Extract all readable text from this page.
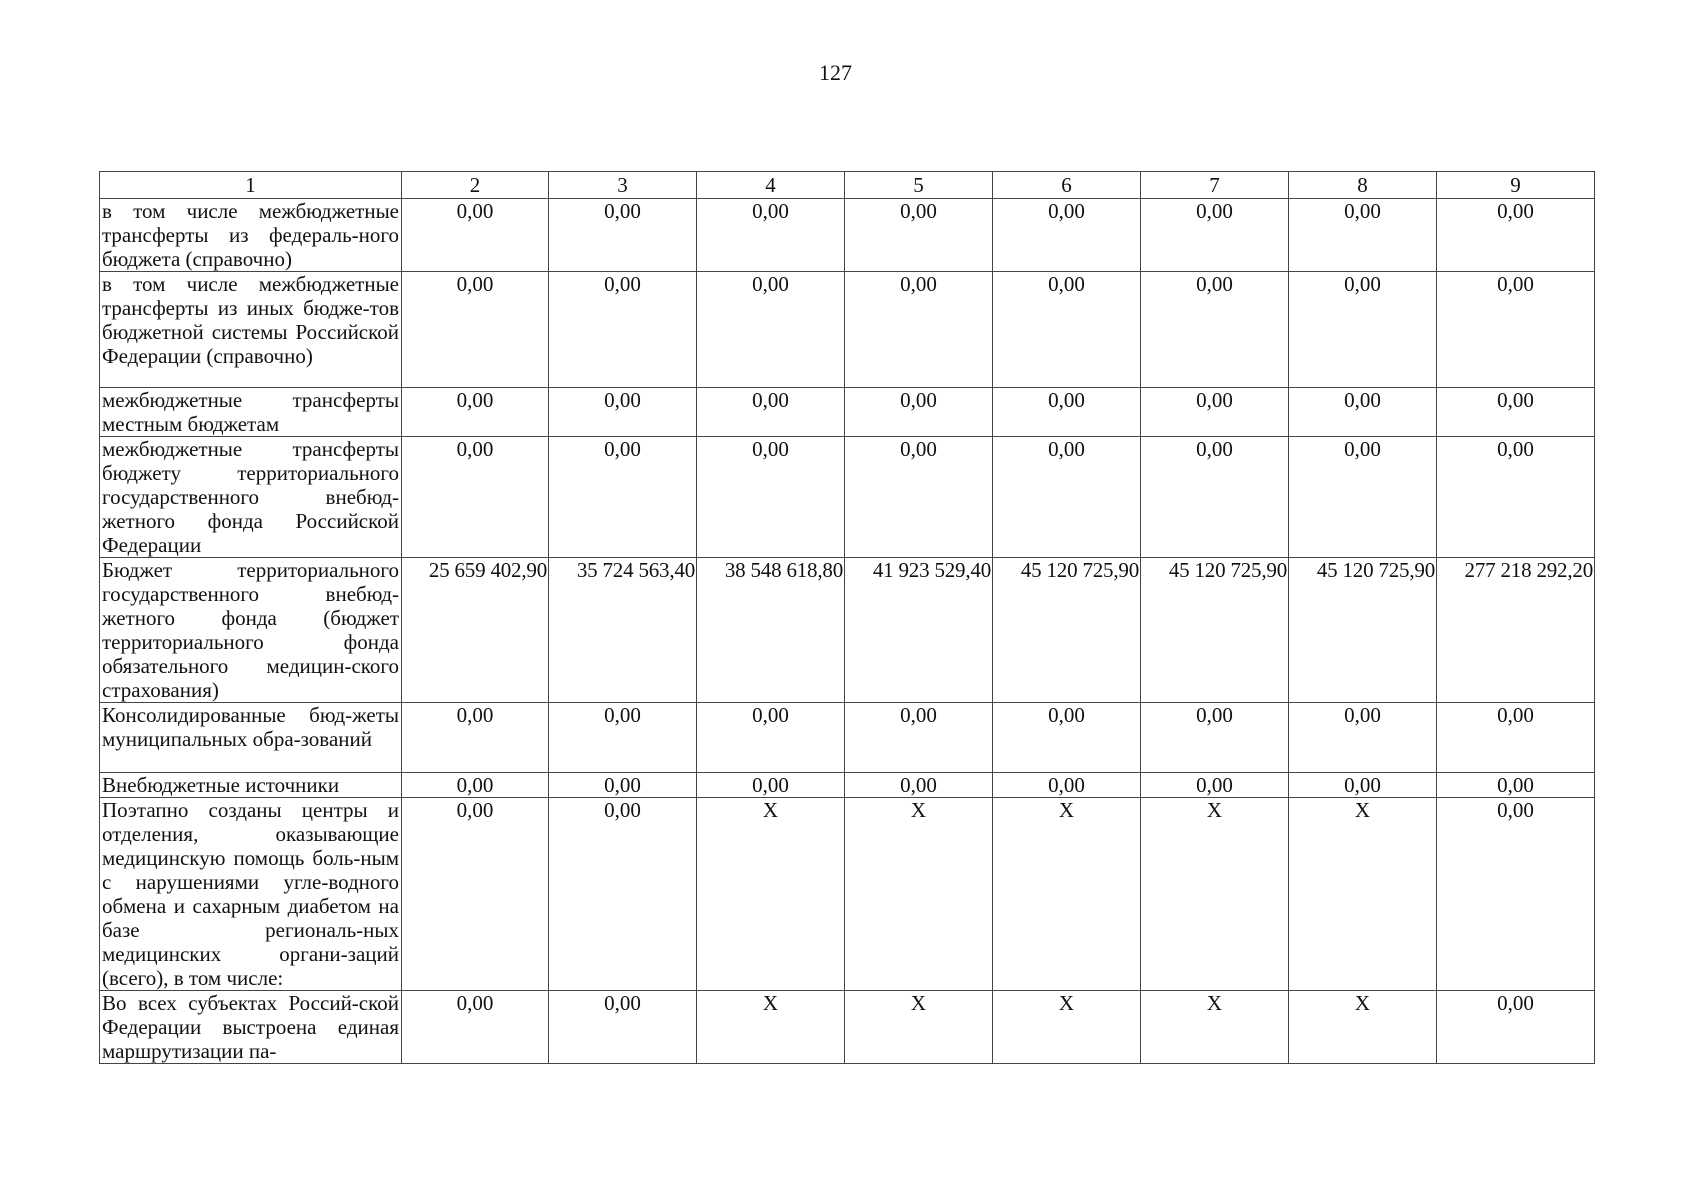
127
1	2	3	4	5	6	7	8	9
в том числе межбюджетные трансферты из федераль-ного бюджета (справочно)	0,00	0,00	0,00	0,00	0,00	0,00	0,00	0,00
в том числе межбюджетные трансферты из иных бюдже-тов бюджетной системы Российской Федерации (справочно)	0,00	0,00	0,00	0,00	0,00	0,00	0,00	0,00
межбюджетные трансферты местным бюджетам	0,00	0,00	0,00	0,00	0,00	0,00	0,00	0,00
межбюджетные трансферты бюджету территориального государственного внебюд-жетного фонда Российской Федерации	0,00	0,00	0,00	0,00	0,00	0,00	0,00	0,00
Бюджет территориального государственного внебюд-жетного фонда (бюджет территориального фонда обязательного медицин-ского страхования)	25 659 402,90	35 724 563,40	38 548 618,80	41 923 529,40	45 120 725,90	45 120 725,90	45 120 725,90	277 218 292,20
Консолидированные бюд-жеты муниципальных обра-зований	0,00	0,00	0,00	0,00	0,00	0,00	0,00	0,00
Внебюджетные источники	0,00	0,00	0,00	0,00	0,00	0,00	0,00	0,00
Поэтапно созданы центры и отделения, оказывающие медицинскую помощь боль-ным с нарушениями угле-водного обмена и сахарным диабетом на базе региональ-ных медицинских органи-заций (всего), в том числе:	0,00	0,00	X	X	X	X	X	0,00
Во всех субъектах Россий-ской Федерации выстроена единая маршрутизации па-	0,00	0,00	X	X	X	X	X	0,00
